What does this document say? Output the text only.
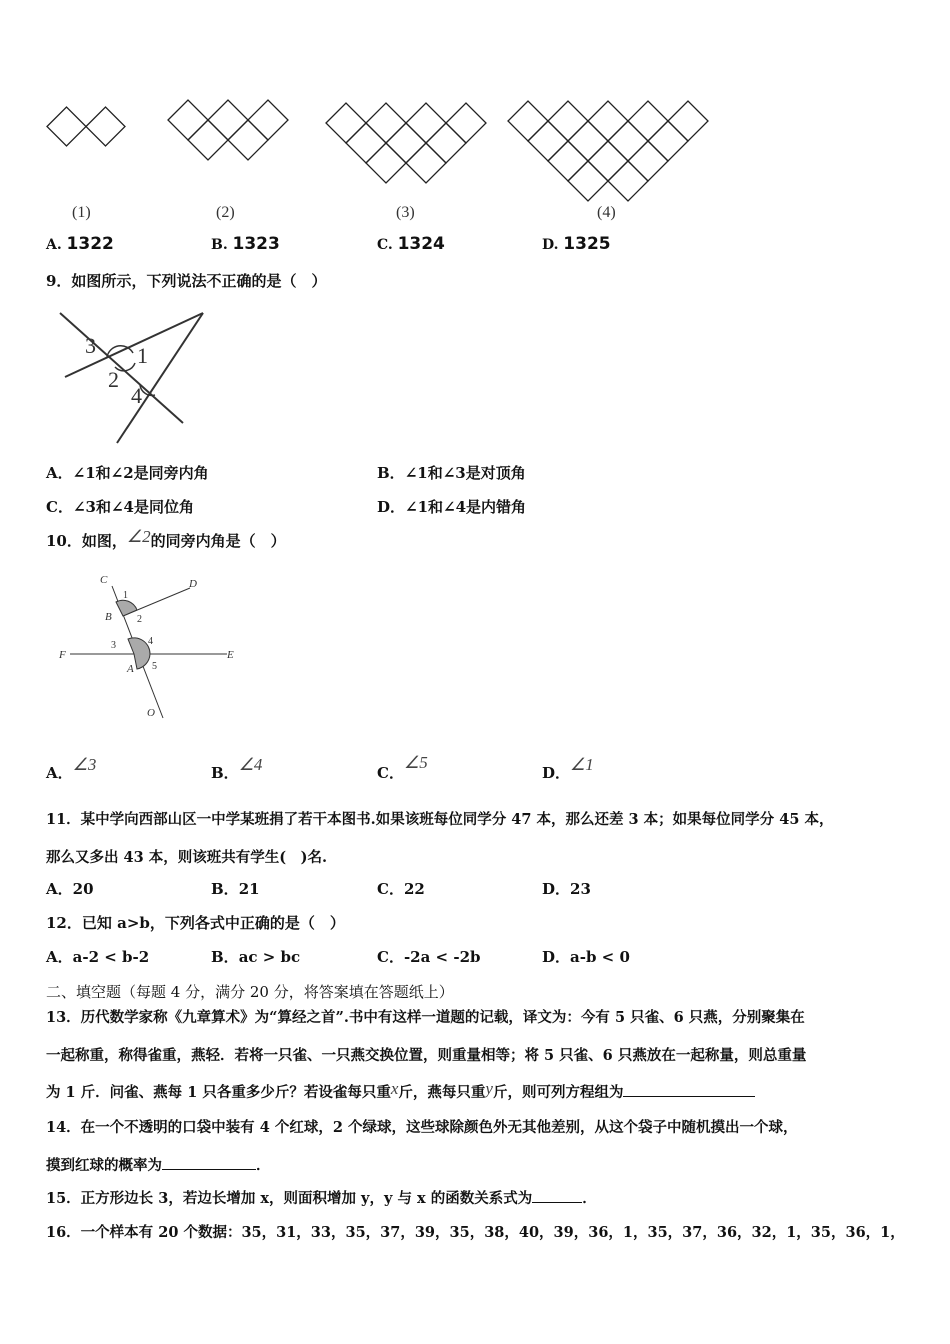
(1)	(2)	(3)	(4)
A. 1322	B. 1323	C. 1324	D. 1325
9．如图所示，下列说法不正确的是（　）
3 1
2
4
A．∠1和∠2是同旁内角	B．∠1和∠3是对顶角
C．∠3和∠4是同位角	D．∠1和∠4是内错角
10．如图，∠2的同旁内角是（　）
C	D
B
F	E
A
O
1
2
3	4
5
A．∠3	B．∠4	C．∠5
D．∠1
11．某中学向西部山区一中学某班捐了若干本图书.如果该班每位同学分 47 本，那么还差 3 本；如果每位同学分 45 本，
那么又多出 43 本，则该班共有学生(　)名.
A．20	B．21	C．22	D．23
12．已知 a>b，下列各式中正确的是（　）
A．a-2 < b-2	B．ac > bc	C．-2a < -2b	D．a-b < 0
二、填空题（每题 4 分，满分 20 分，将答案填在答题纸上）
13．历代数学家称《九章算术》为“算经之首”.书中有这样一道题的记载，译文为：今有 5 只雀、6 只燕，分别聚集在
一起称重，称得雀重，燕轻．若将一只雀、一只燕交换位置，则重量相等；将 5 只雀、6 只燕放在一起称量，则总重量
为 1 斤．问雀、燕每 1 只各重多少斤？若设雀每只重x斤，燕每只重y斤，则可列方程组为
14．在一个不透明的口袋中装有 4 个红球，2 个绿球，这些球除颜色外无其他差别，从这个袋子中随机摸出一个球，
摸到红球的概率为	．
15．正方形边长 3，若边长增加 x，则面积增加 y，y 与 x 的函数关系式为	．
16．一个样本有 20 个数据：35，31，33，35，37，39，35，38，40，39，36，1，35，37，36，32，1，35，36，1，
